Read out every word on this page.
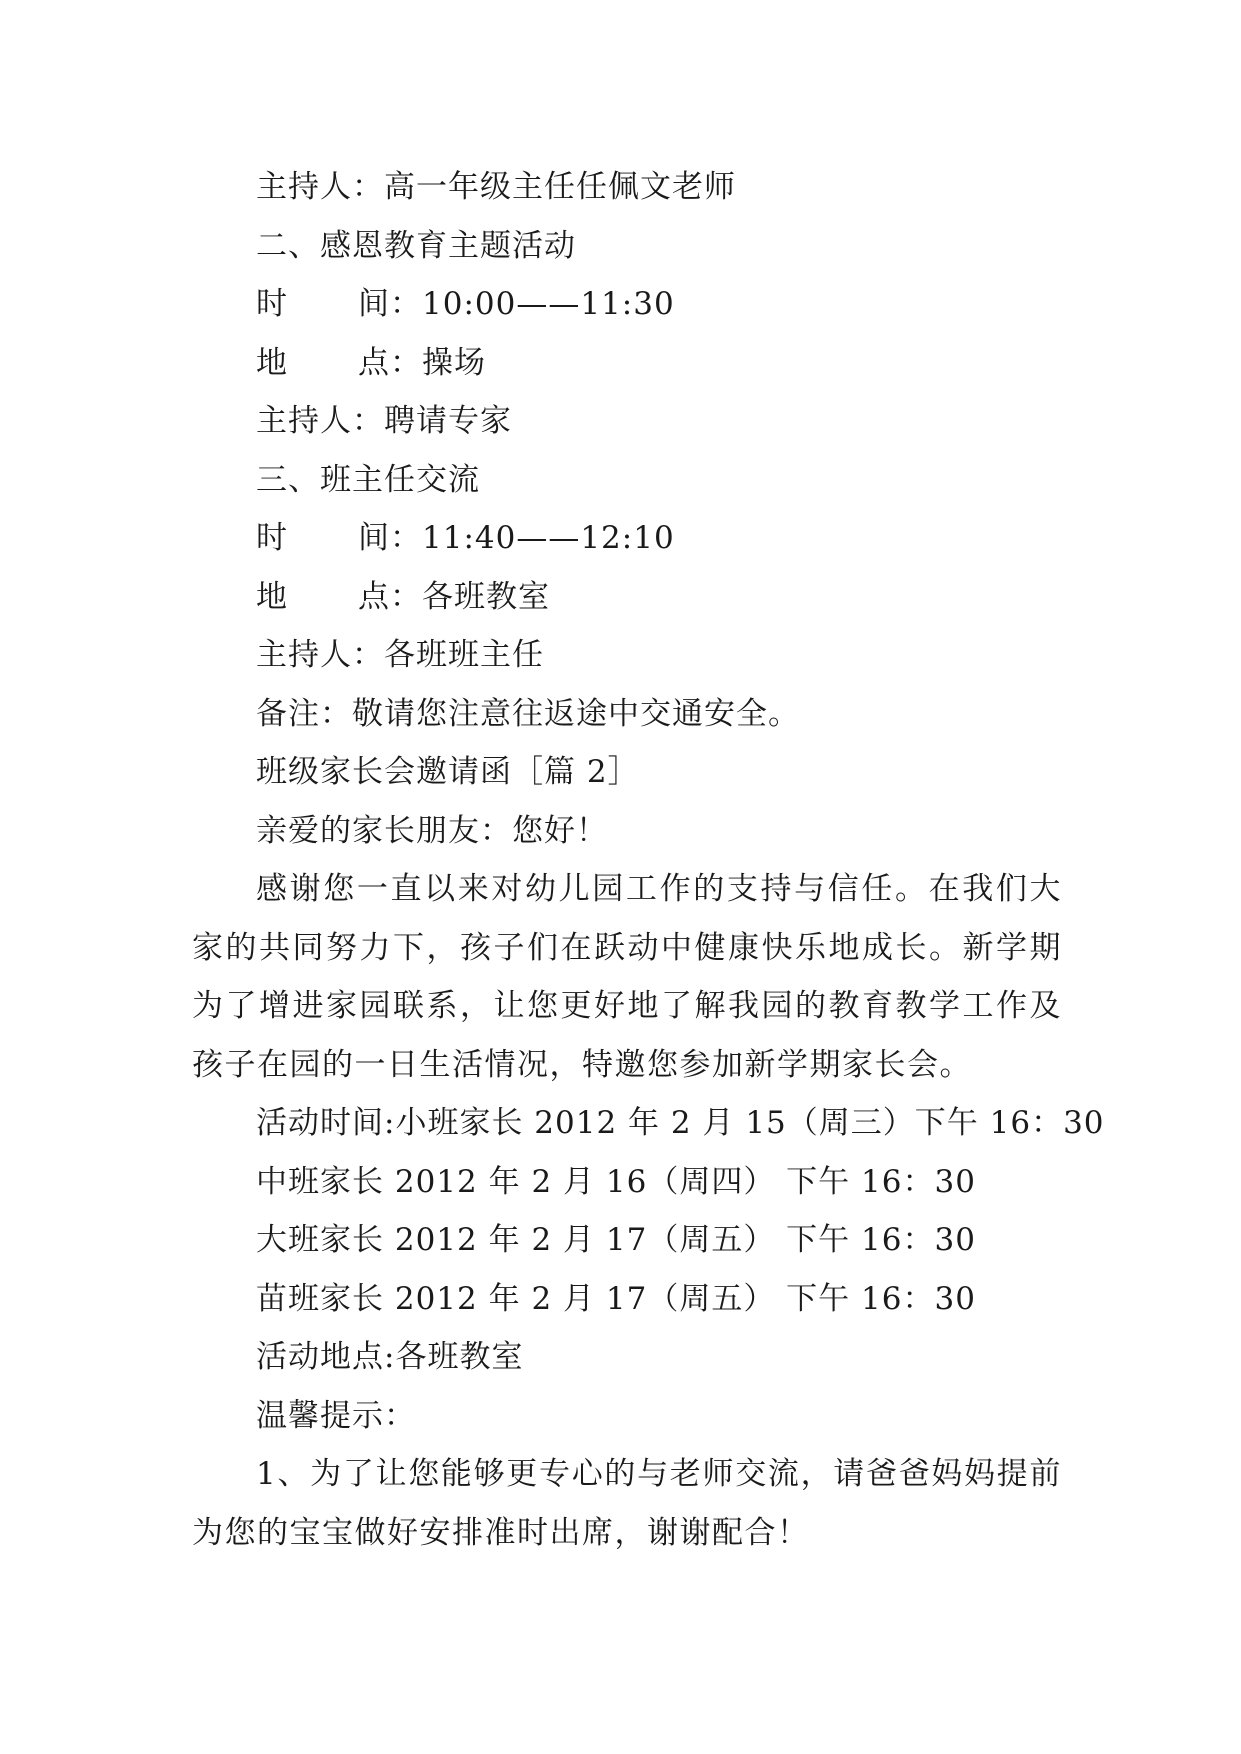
主持人：高一年级主任任佩文老师

二、感恩教育主题活动

时 间：10:00——11:30

地 点：操场

主持人：聘请专家

三、班主任交流

时 间：11:40——12:10

地 点：各班教室

主持人：各班班主任

备注：敬请您注意往返途中交通安全。

班级家长会邀请函［篇 2］

亲爱的家长朋友：您好！

感谢您一直以来对幼儿园工作的支持与信任。在我们大家的共同努力下，孩子们在跃动中健康快乐地成长。新学期为了增进家园联系，让您更好地了解我园的教育教学工作及孩子在园的一日生活情况，特邀您参加新学期家长会。

活动时间:小班家长 2012 年 2 月 15（周三）下午 16：30

中班家长 2012 年 2 月 16（周四） 下午 16：30

大班家长 2012 年 2 月 17（周五） 下午 16：30

苗班家长 2012 年 2 月 17（周五） 下午 16：30

活动地点:各班教室

温馨提示：

1、为了让您能够更专心的与老师交流，请爸爸妈妈提前为您的宝宝做好安排准时出席，谢谢配合！
